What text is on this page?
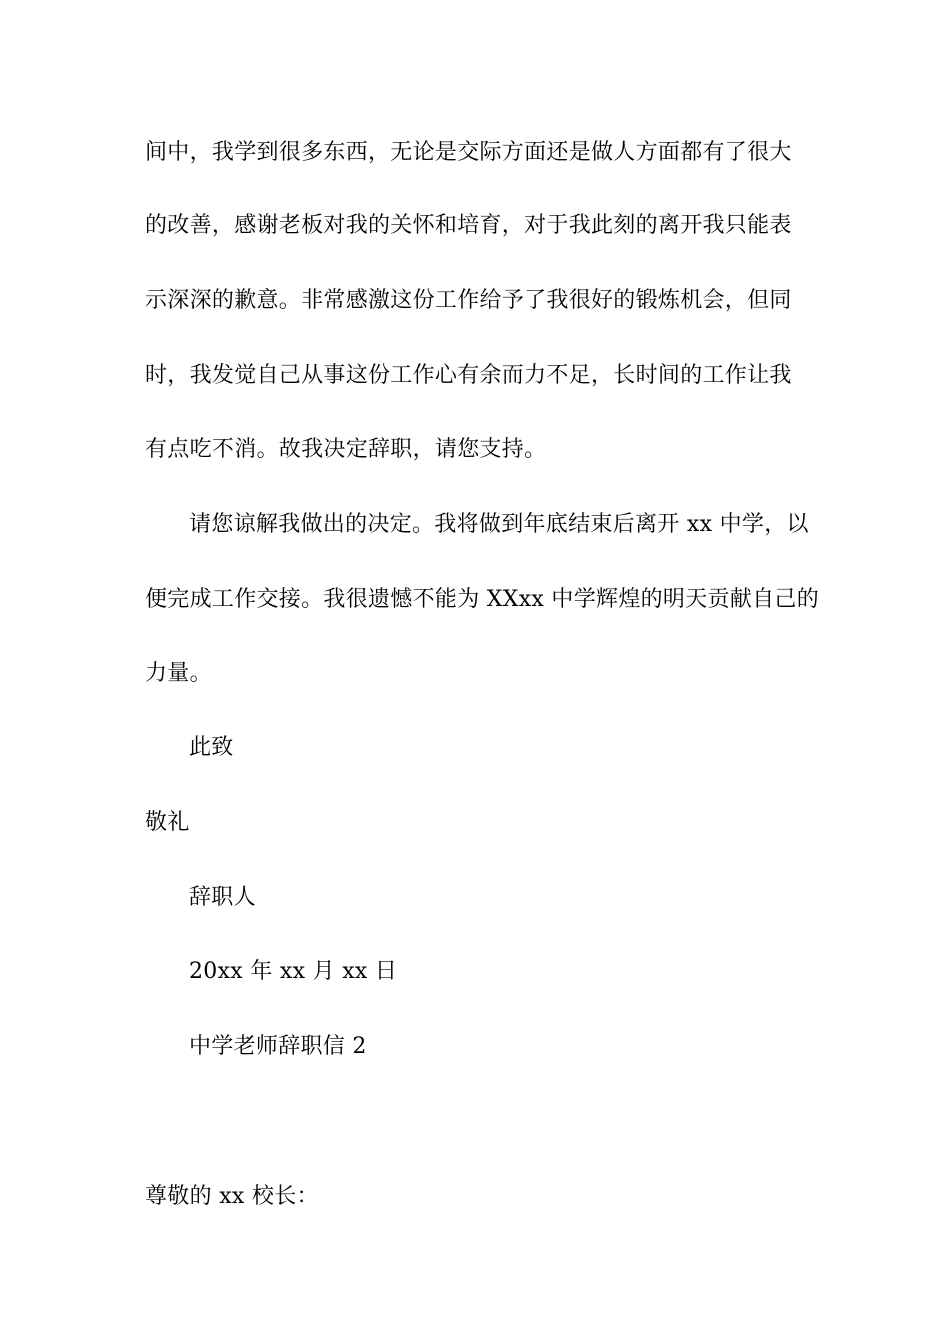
间中，我学到很多东西，无论是交际方面还是做人方面都有了很大
的改善，感谢老板对我的关怀和培育，对于我此刻的离开我只能表
示深深的歉意。非常感激这份工作给予了我很好的锻炼机会，但同
时，我发觉自己从事这份工作心有余而力不足，长时间的工作让我
有点吃不消。故我决定辞职，请您支持。
请您谅解我做出的决定。我将做到年底结束后离开 xx 中学，以
便完成工作交接。我很遗憾不能为 XXxx 中学辉煌的明天贡献自己的
力量。
此致
敬礼
辞职人
20xx 年 xx 月 xx 日
中学老师辞职信 2
尊敬的 xx 校长：
